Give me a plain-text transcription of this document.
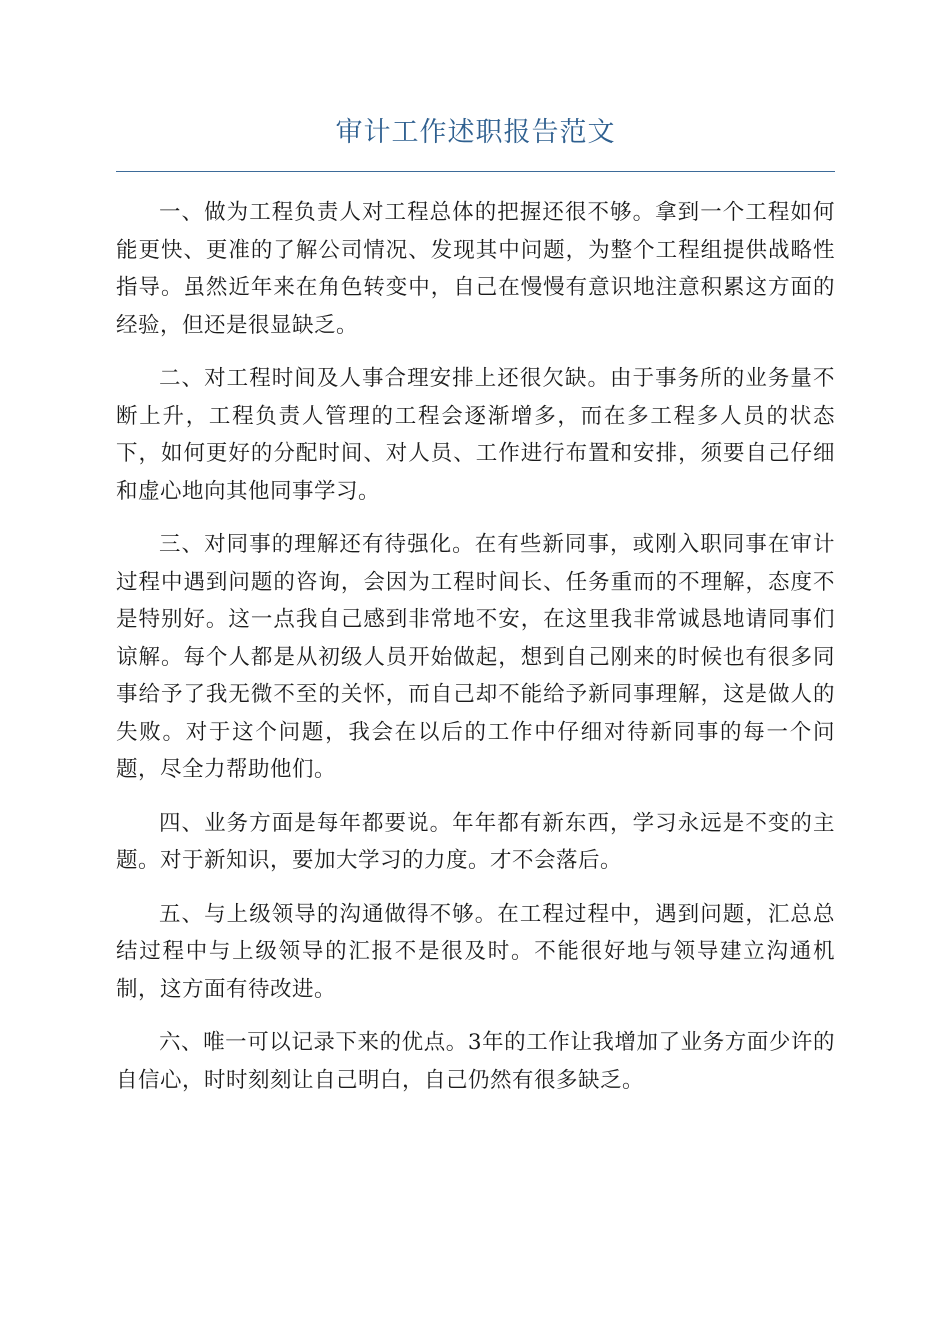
审计工作述职报告范文

一、做为工程负责人对工程总体的把握还很不够。拿到一个工程如何能更快、更准的了解公司情况、发现其中问题，为整个工程组提供战略性指导。虽然近年来在角色转变中，自己在慢慢有意识地注意积累这方面的经验，但还是很显缺乏。

二、对工程时间及人事合理安排上还很欠缺。由于事务所的业务量不断上升，工程负责人管理的工程会逐渐增多，而在多工程多人员的状态下，如何更好的分配时间、对人员、工作进行布置和安排，须要自己仔细和虚心地向其他同事学习。

三、对同事的理解还有待强化。在有些新同事，或刚入职同事在审计过程中遇到问题的咨询，会因为工程时间长、任务重而的不理解，态度不是特别好。这一点我自己感到非常地不安，在这里我非常诚恳地请同事们谅解。每个人都是从初级人员开始做起，想到自己刚来的时候也有很多同事给予了我无微不至的关怀，而自己却不能给予新同事理解，这是做人的失败。对于这个问题，我会在以后的工作中仔细对待新同事的每一个问题，尽全力帮助他们。

四、业务方面是每年都要说。年年都有新东西，学习永远是不变的主题。对于新知识，要加大学习的力度。才不会落后。

五、与上级领导的沟通做得不够。在工程过程中，遇到问题，汇总总结过程中与上级领导的汇报不是很及时。不能很好地与领导建立沟通机制，这方面有待改进。

六、唯一可以记录下来的优点。3年的工作让我增加了业务方面少许的自信心，时时刻刻让自己明白，自己仍然有很多缺乏。
